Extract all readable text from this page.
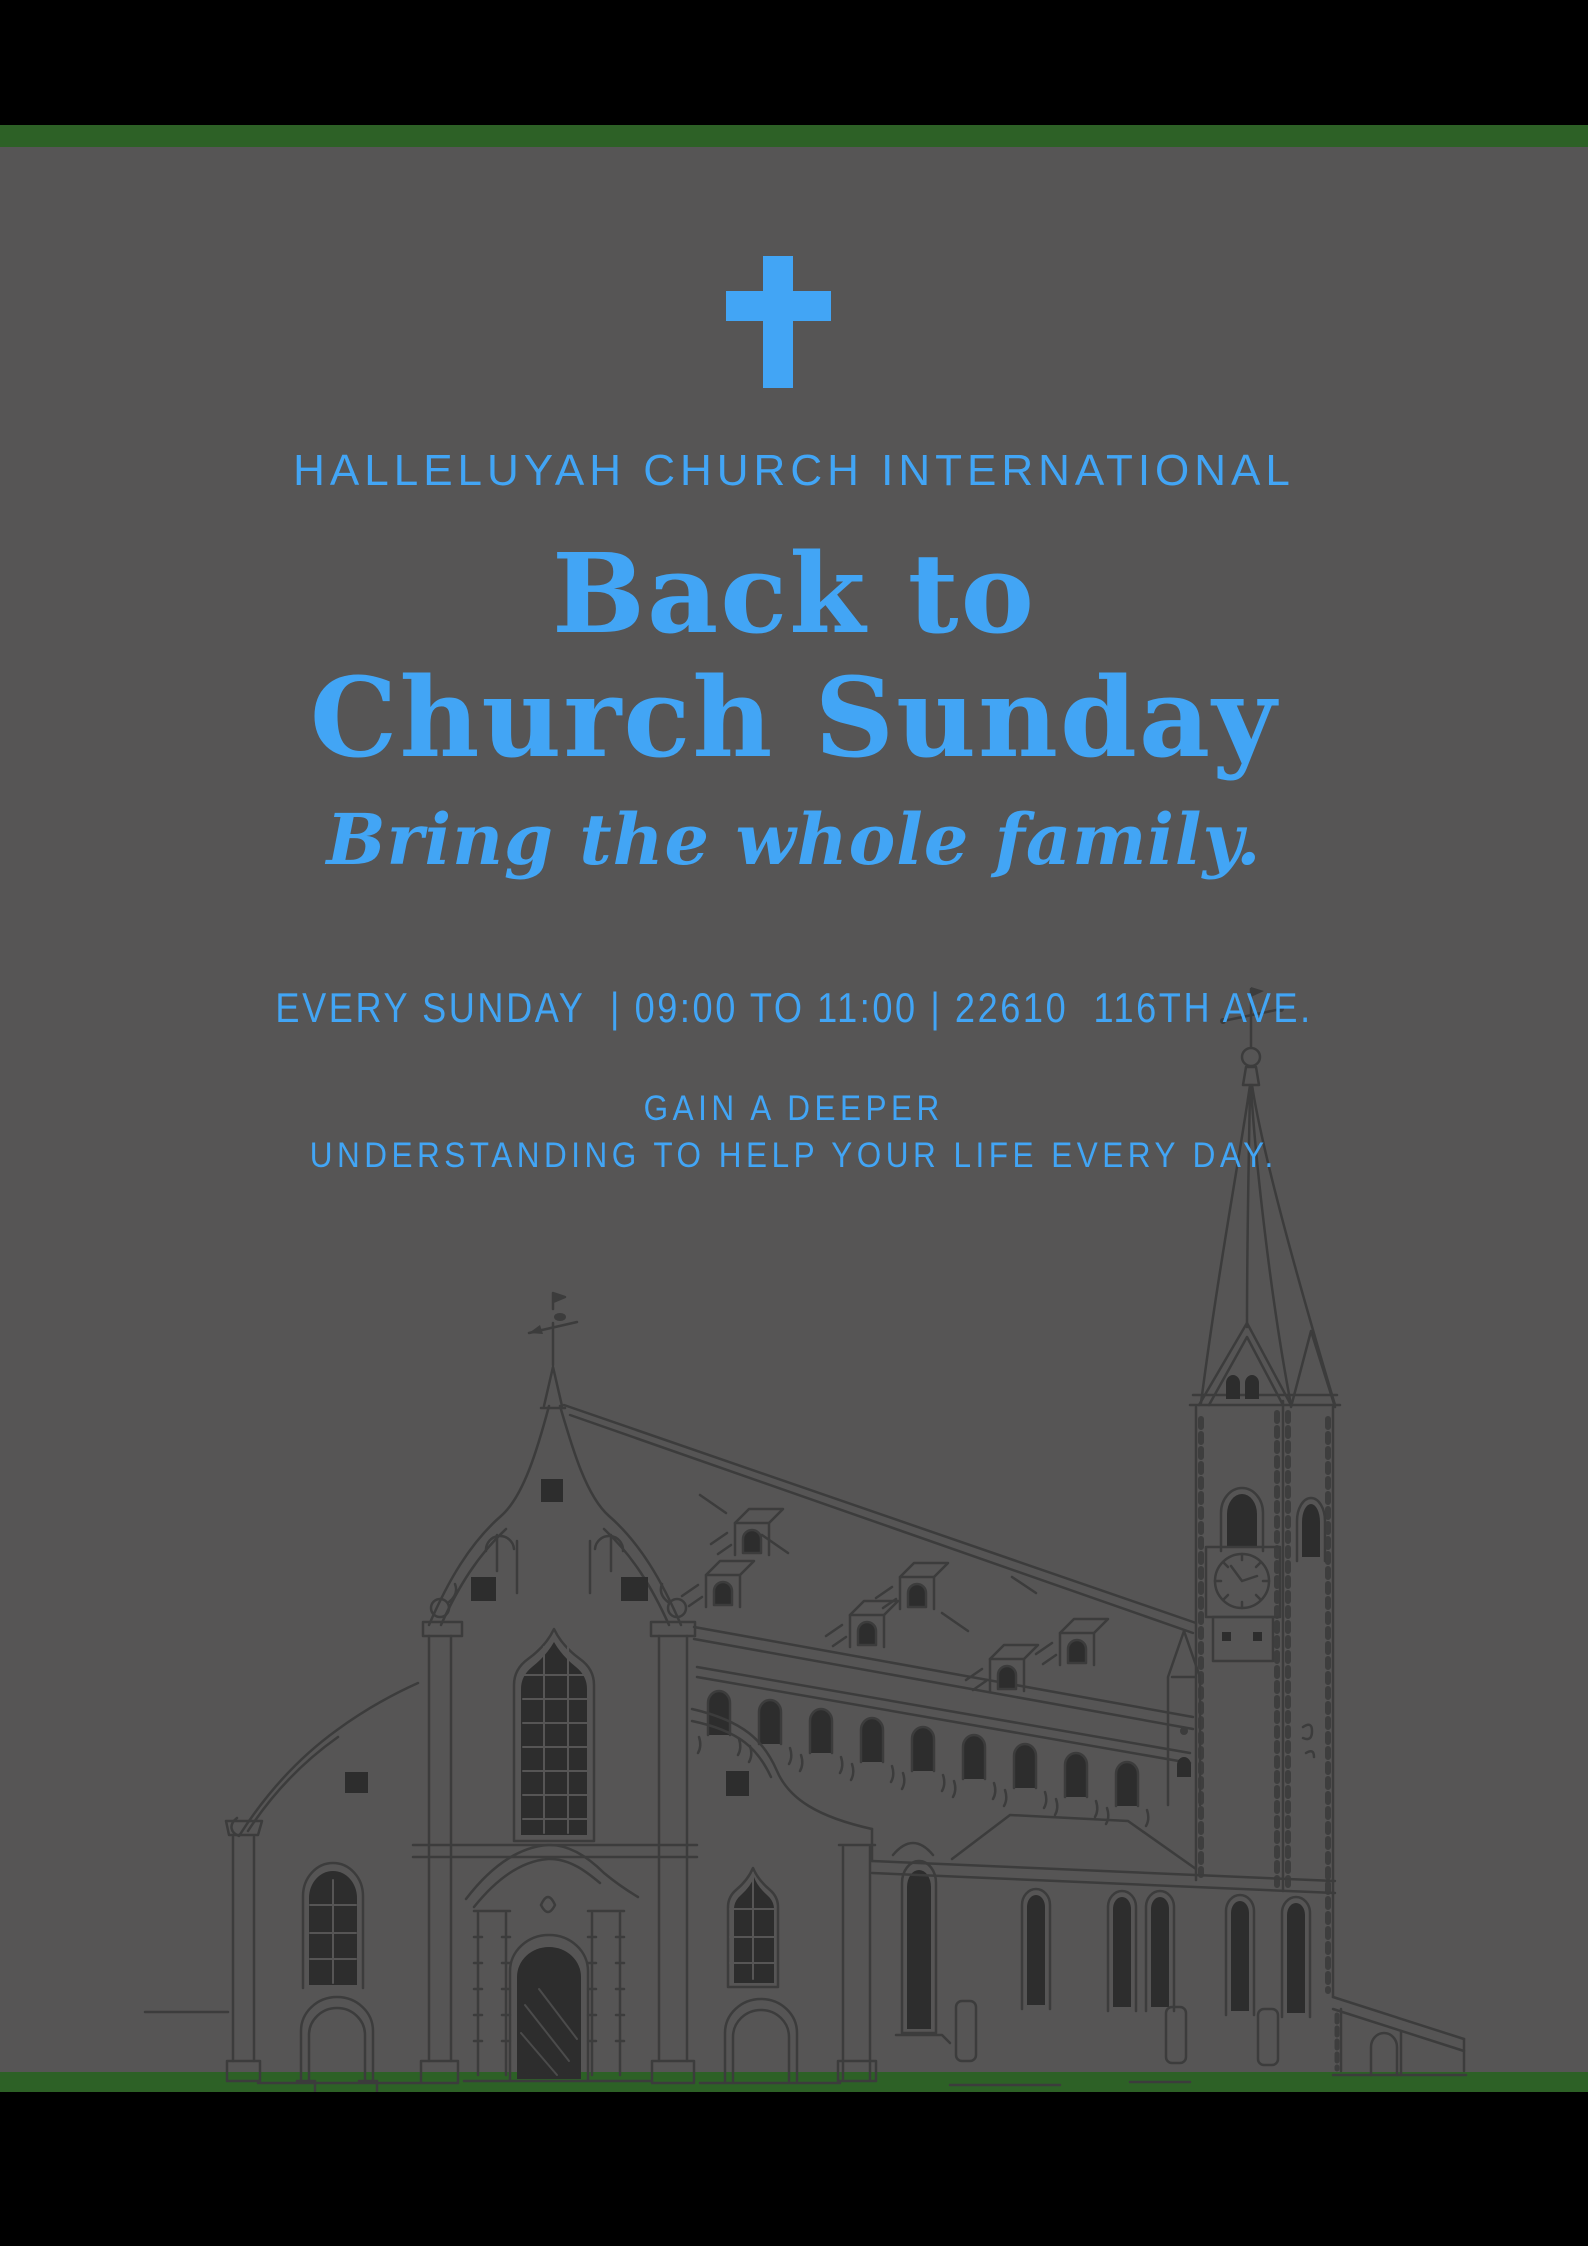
HALLELUYAH CHURCH INTERNATIONAL
Back to
Church Sunday
Bring the whole family.
EVERY SUNDAY  | 09:00 TO 11:00 | 22610  116TH AVE.
GAIN A DEEPER
UNDERSTANDING TO HELP YOUR LIFE EVERY DAY.
